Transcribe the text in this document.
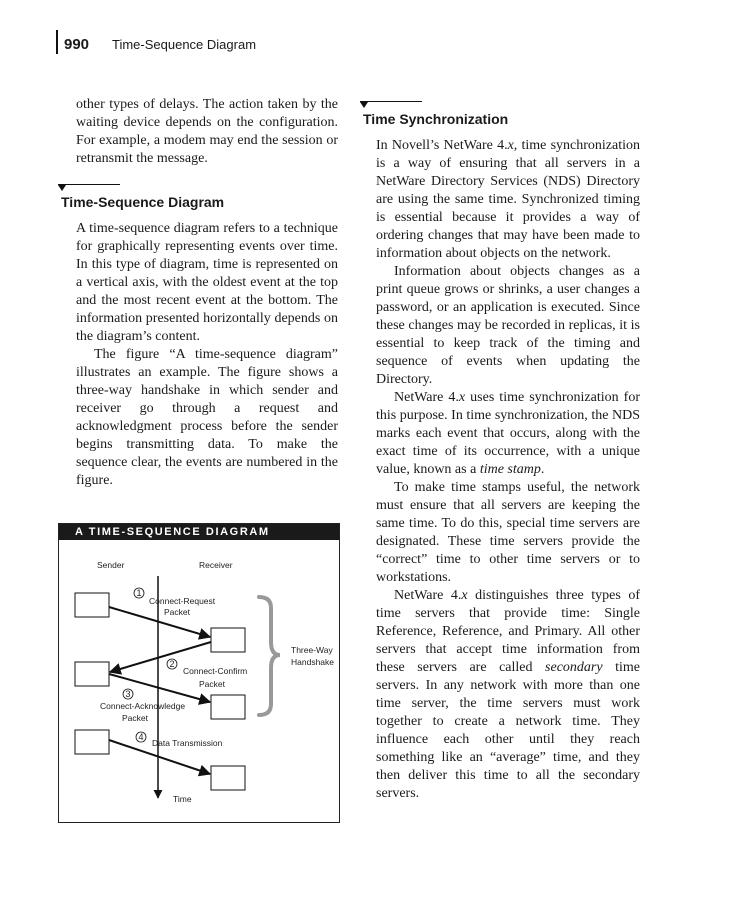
990 Time-Sequence Diagram

other types of delays. The action taken by the waiting device depends on the configuration. For example, a modem may end the session or retransmit the message.

Time-Sequence Diagram

A time-sequence diagram refers to a technique for graphically representing events over time. In this type of diagram, time is represented on a vertical axis, with the oldest event at the top and the most recent event at the bottom. The information presented horizontally depends on the diagram’s content.

The figure “A time-sequence diagram” illustrates an example. The figure shows a three-way handshake in which sender and receiver go through a request and acknowledgment process before the sender begins transmitting data. To make the sequence clear, the events are numbered in the figure.

A TIME-SEQUENCE DIAGRAM
Sender	Receiver
1
Connect-Request
Packet
2
Connect-Confirm
Packet
3
Connect-Acknowledge
Packet
4
Data Transmission
Three-Way
Handshake
Time
Time Synchronization

In Novell’s NetWare 4.x, time synchronization is a way of ensuring that all servers in a NetWare Directory Services (NDS) Directory are using the same time. Synchronized timing is essential because it provides a way of ordering changes that may have been made to information about objects on the network.

Information about objects changes as a print queue grows or shrinks, a user changes a password, or an application is executed. Since these changes may be recorded in replicas, it is essential to keep track of the timing and sequence of events when updating the Directory.

NetWare 4.x uses time synchronization for this purpose. In time synchronization, the NDS marks each event that occurs, along with the exact time of its occurrence, with a unique value, known as a time stamp.

To make time stamps useful, the network must ensure that all servers are keeping the same time. To do this, special time servers are designated. These time servers provide the “correct” time to other time servers or to workstations.

NetWare 4.x distinguishes three types of time servers that provide time: Single Reference, Reference, and Primary. All other servers that accept time information from these servers are called secondary time servers. In any network with more than one time server, the time servers must work together to create a network time. They influence each other until they reach something like an “average” time, and they then deliver this time to all the secondary servers.
